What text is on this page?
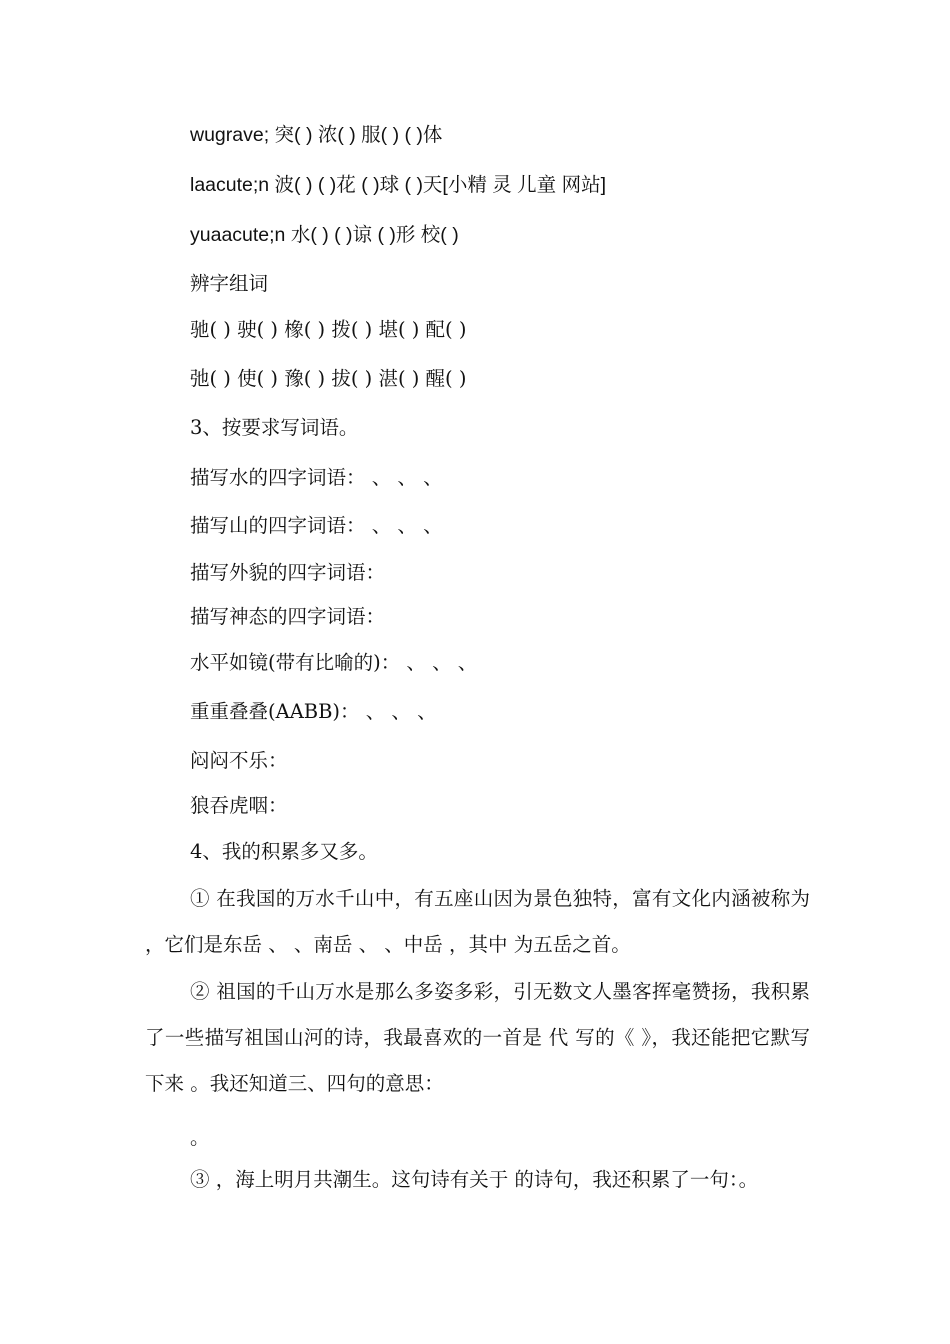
wugrave; 突( ) 浓( ) 服( ) ( )体
laacute;n 波( ) ( )花 ( )球 ( )天[小精 灵 儿童 网站]
yuaacute;n 水( ) ( )谅 ( )形 校( )
辨字组词
驰( ) 驶( ) 橡( ) 拨( ) 堪( ) 配( )
弛( ) 使( ) 豫( ) 拔( ) 湛( ) 醒( )
3、按要求写词语。
描写水的四字词语： 、 、 、
描写山的四字词语： 、 、 、
描写外貌的四字词语：
描写神态的四字词语：
水平如镜(带有比喻的)： 、 、 、
重重叠叠(AABB)： 、 、 、
闷闷不乐：
狼吞虎咽：
4、我的积累多又多。
① 在我国的万水千山中，有五座山因为景色独特，富有文化内涵被称为 ，它们是东岳 、 、南岳 、 、中岳 ，其中 为五岳之首。
② 祖国的千山万水是那么多姿多彩，引无数文人墨客挥毫赞扬，我积累了一些描写祖国山河的诗，我最喜欢的一首是 代 写的《 》，我还能把它默写下来 。我还知道三、四句的意思：
。
③ ，海上明月共潮生。这句诗有关于 的诗句，我还积累了一句：。
